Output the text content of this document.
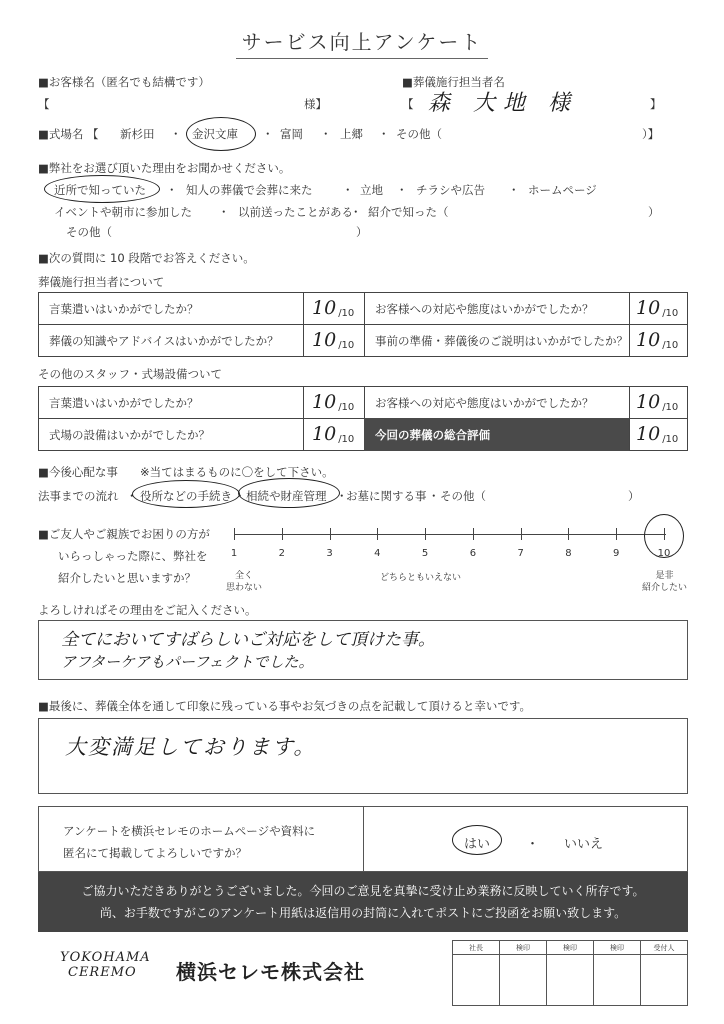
サービス向上アンケート
■お客様名（匿名でも結構です）
【	様】
■葬儀施行担当者名
【 森 大地 様	】
■式場名 【 新杉田 ・ 金沢文庫 ・ 富岡 ・ 上郷 ・ その他（	）】
■弊社をお選び頂いた理由をお聞かせください。
近所で知っていた ・ 知人の葬儀で会葬に来た	・ 立地 ・ チラシや広告 ・ ホームページ
イベントや朝市に参加した ・ 以前送ったことがある
・ 紹介で知った（	）
その他（	）
■次の質問に 10 段階でお答えください。
葬儀施行担当者について
言葉遣いはいかがでしたか？	10 /10 お客様への対応や態度はいかがでしたか？ 10 /10
葬儀の知識やアドバイスはいかがでしたか？ 10 /10 事前の準備・葬儀後のご説明はいかがでしたか？ 10 /10
その他のスタッフ・式場設備ついて
言葉遣いはいかがでしたか？	10 /10 お客様への対応や態度はいかがでしたか？ 10 /10
式場の設備はいかがでしたか？	10 /10 今回の葬儀の総合評価	10 /10
■今後心配な事 ※当てはまるものに〇をして下さい。
法事までの流れ ・ 役所などの手続き ・ 相続や財産管理 ・
お墓に関する事 ・ その他（	）
■ご友人やご親族でお困りの方が
いらっしゃった際に、弊社を
紹介したいと思いますか？	全く
思わない
どちらともいえない	是非
紹介したい
よろしければその理由をご記入ください。
全てにおいてすばらしいご対応をして頂けた事。
アフターケアもパーフェクトでした。
■最後に、葬儀全体を通して印象に残っている事やお気づきの点を記載して頂けると幸いです。
大変満足しております。
アンケートを横浜セレモのホームページや資料に
匿名にて掲載してよろしいですか？
はい	・ いいえ
ご協力いただきありがとうございました。今回のご意見を真摯に受け止め業務に反映していく所存です。
尚、お手数ですがこのアンケート用紙は返信用の封筒に入れてポストにご投函をお願い致します。
YOKOHAMA
CEREMO	横浜セレモ株式会社
社長	検印	検印	検印	受付人
1	2	3	4	5	6	7	8	9	10
